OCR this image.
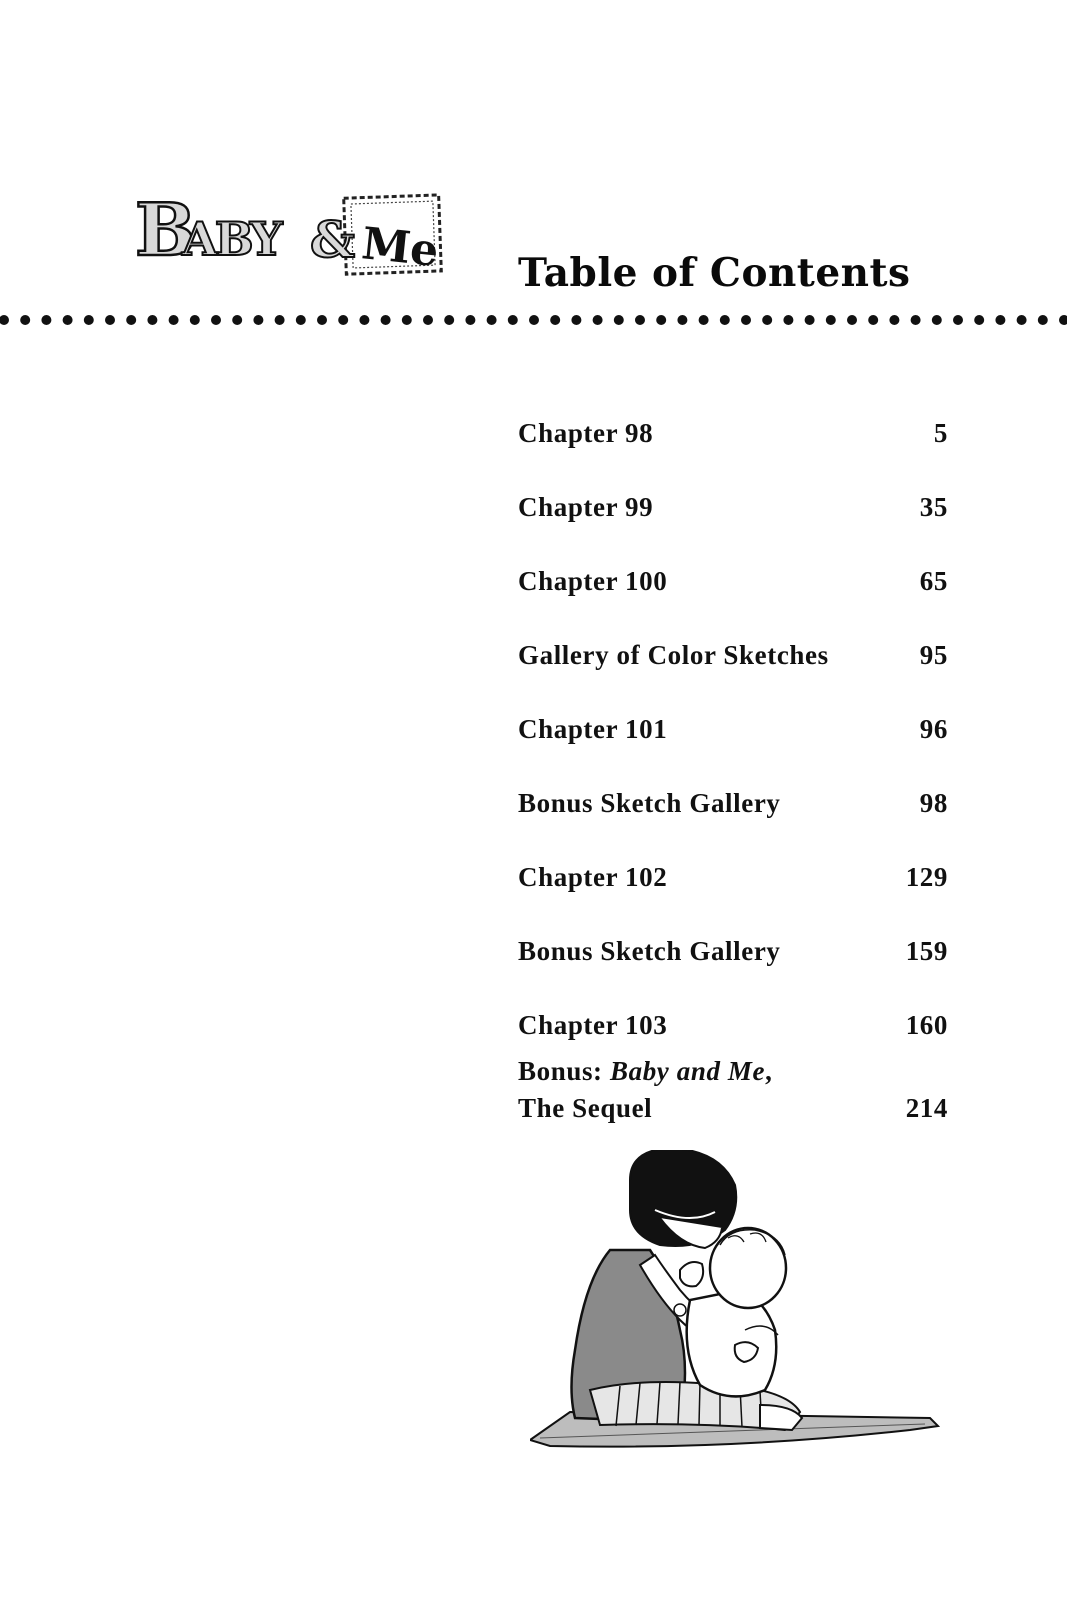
B
ABY & Me Table of Contents
Chapter 98	5
Chapter 99	35
Chapter 100	65
Gallery of Color Sketches	95
Chapter 101	96
Bonus Sketch Gallery	98
Chapter 102	129
Bonus Sketch Gallery	159
Chapter 103	160
Bonus: Baby and Me,
The Sequel	214
